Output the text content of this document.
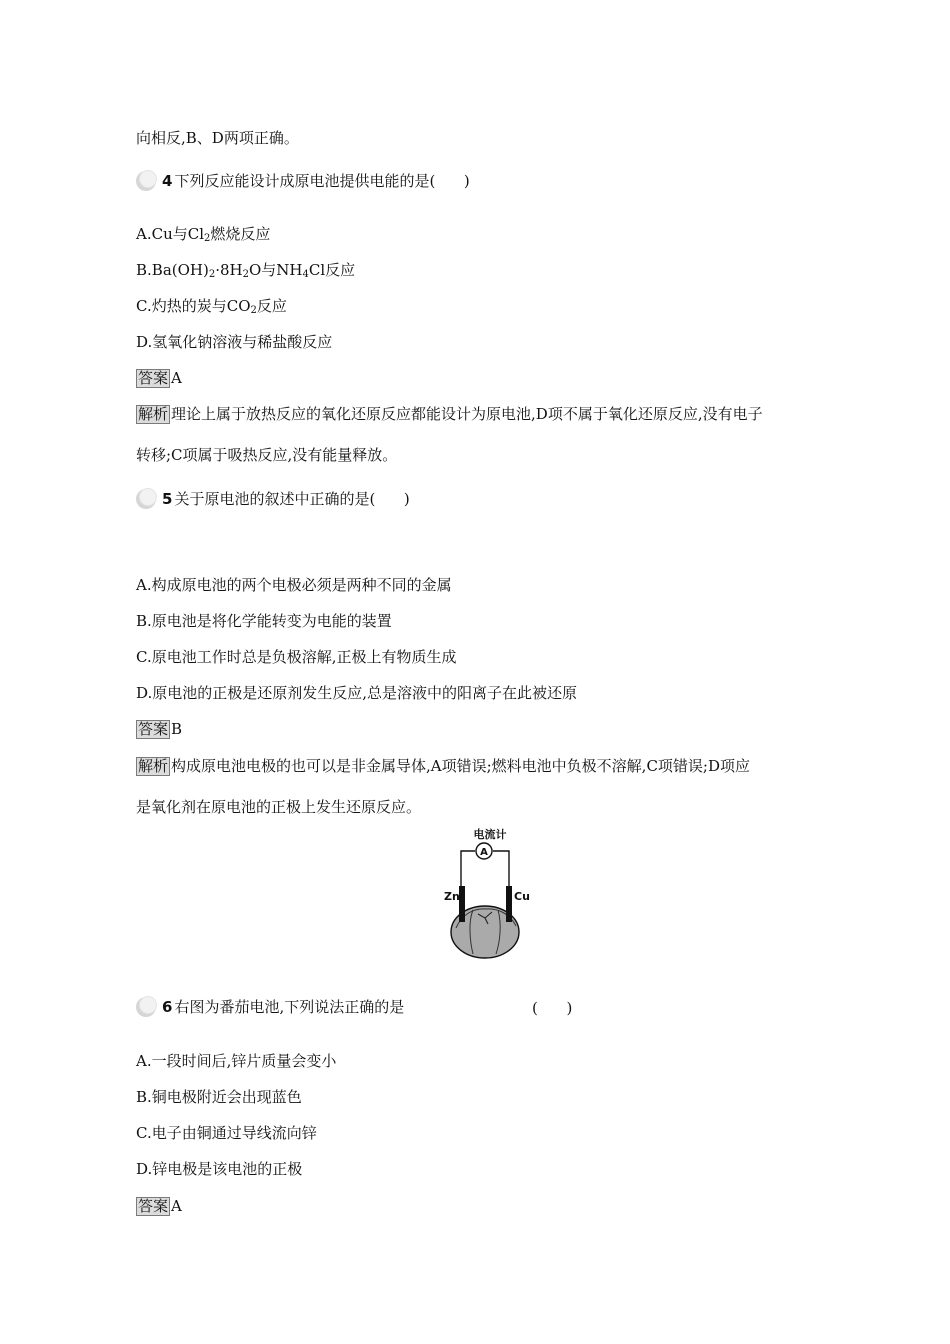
向相反,B、D两项正确。
4 下列反应能设计成原电池提供电能的是( )
A.Cu与$Cl_2$燃烧反应
$B.Ba(OH)_2\cdot 8H_2O$与$NH_4Cl$反应
C.灼热的炭与$CO_2$反应
D.氢氧化钠溶液与稀盐酸反应
答案 A
解析 理论上属于放热反应的氧化还原反应都能设计为原电池,D项不属于氧化还原反应,没有电子
转移;C项属于吸热反应,没有能量释放。
5 关于原电池的叙述中正确的是( )
A.构成原电池的两个电极必须是两种不同的金属
B.原电池是将化学能转变为电能的装置
C.原电池工作时总是负极溶解,正极上有物质生成
D.原电池的正极是还原剂发生反应,总是溶液中的阳离子在此被还原
答案 B
解析 构成原电池电极的也可以是非金属导体,A项错误;燃料电池中负极不溶解,C项错误;D项应
是氧化剂在原电池的正极上发生还原反应。
电流计
A
Zn	Cu
6 右图为番茄电池,下列说法正确的是	(      )
A.一段时间后,锌片质量会变小
B.铜电极附近会出现蓝色
C.电子由铜通过导线流向锌
D.锌电极是该电池的正极
答案 A
